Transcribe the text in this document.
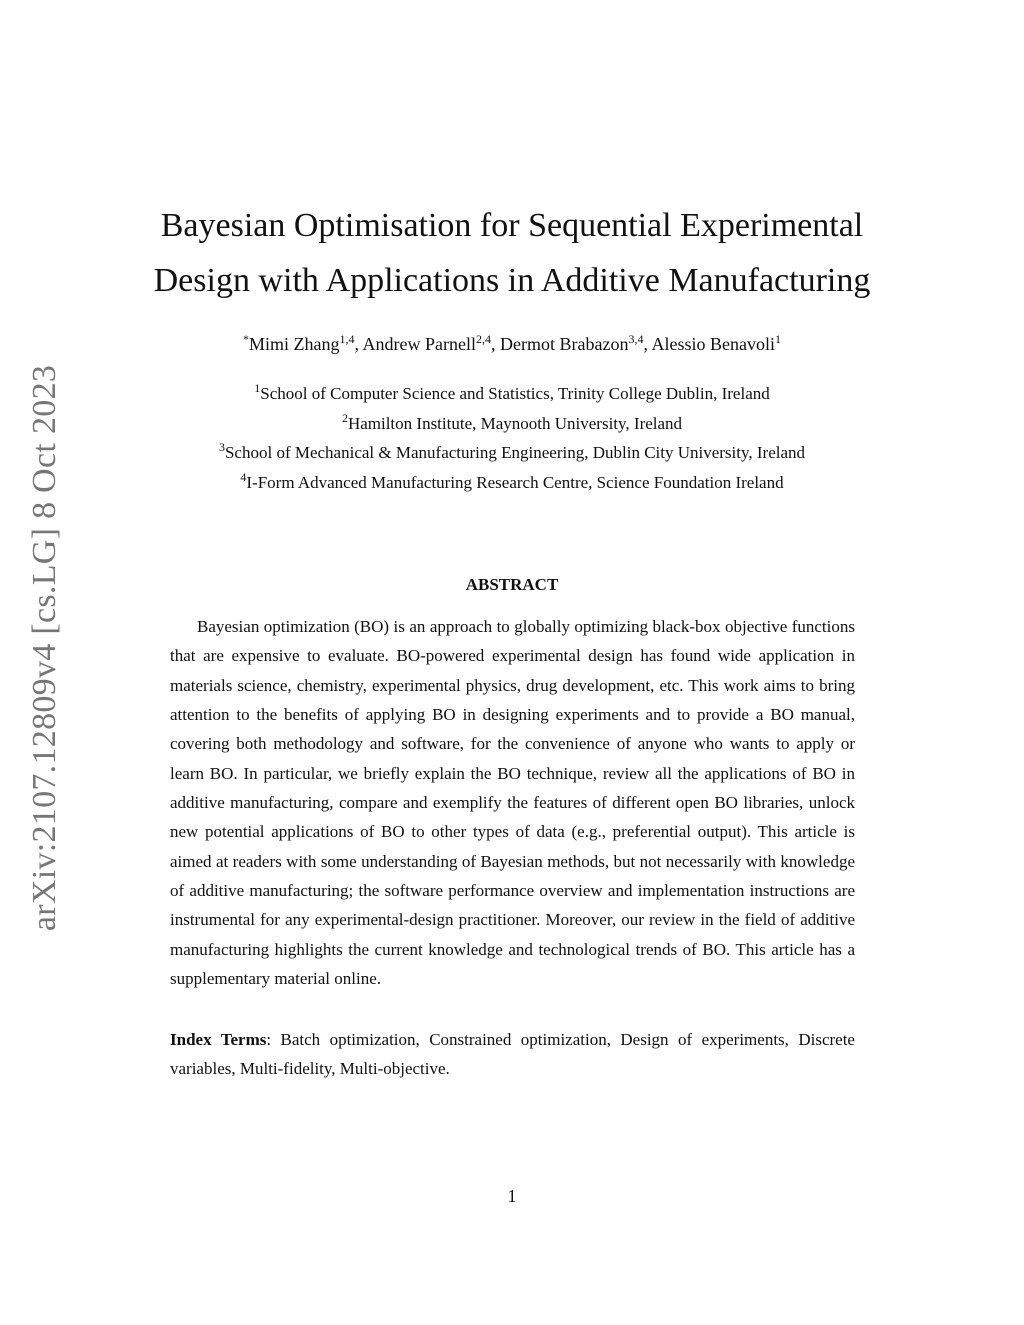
arXiv:2107.12809v4 [cs.LG] 8 Oct 2023
Bayesian Optimisation for Sequential Experimental
Design with Applications in Additive Manufacturing
*Mimi Zhang$^{1,4}$, Andrew Parnell$^{2,4}$, Dermot Brabazon$^{3,4}$, Alessio Benavoli$^1$
$^1$School of Computer Science and Statistics, Trinity College Dublin, Ireland
$^2$Hamilton Institute, Maynooth University, Ireland
$^3$School of Mechanical & Manufacturing Engineering, Dublin City University, Ireland
$^4$I-Form Advanced Manufacturing Research Centre, Science Foundation Ireland
ABSTRACT

Bayesian optimization (BO) is an approach to globally optimizing black-box objective functions that are expensive to evaluate. BO-powered experimental design has found wide application in materials science, chemistry, experimental physics, drug development, etc. This work aims to bring attention to the benefits of applying BO in designing experiments and to provide a BO manual, covering both methodology and software, for the convenience of anyone who wants to apply or learn BO. In particular, we briefly explain the BO technique, review all the applications of BO in additive manufacturing, compare and exemplify the features of different open BO libraries, unlock new potential applications of BO to other types of data (e.g., preferential output). This article is aimed at readers with some understanding of Bayesian methods, but not necessarily with knowledge of additive manufacturing; the software performance overview and implementation instructions are instrumental for any experimental-design practitioner. Moreover, our review in the field of additive manufacturing highlights the current knowledge and technological trends of BO. This article has a supplementary material online.

Index Terms: Batch optimization, Constrained optimization, Design of experiments, Discrete variables, Multi-fidelity, Multi-objective.

1
